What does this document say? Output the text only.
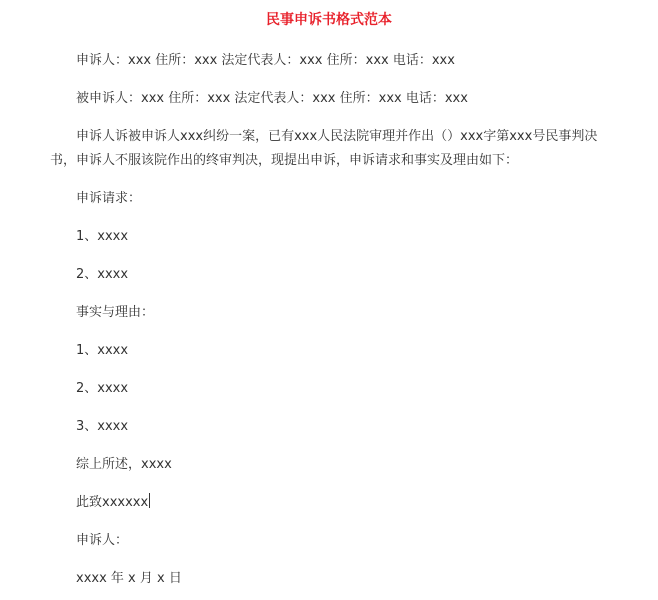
民事申诉书格式范本
申诉人：xxx 住所：xxx 法定代表人：xxx 住所：xxx 电话：xxx
被申诉人：xxx 住所：xxx 法定代表人：xxx 住所：xxx 电话：xxx
申诉人诉被申诉人xxx纠纷一案，已有xxx人民法院审理并作出（）xxx字第xxx号民事判决书，申诉人不服该院作出的终审判决，现提出申诉，申诉请求和事实及理由如下：
申诉请求：
1、xxxx
2、xxxx
事实与理由：
1、xxxx
2、xxxx
3、xxxx
综上所述，xxxx
此致xxxxxx
申诉人：
xxxx 年 x 月 x 日
